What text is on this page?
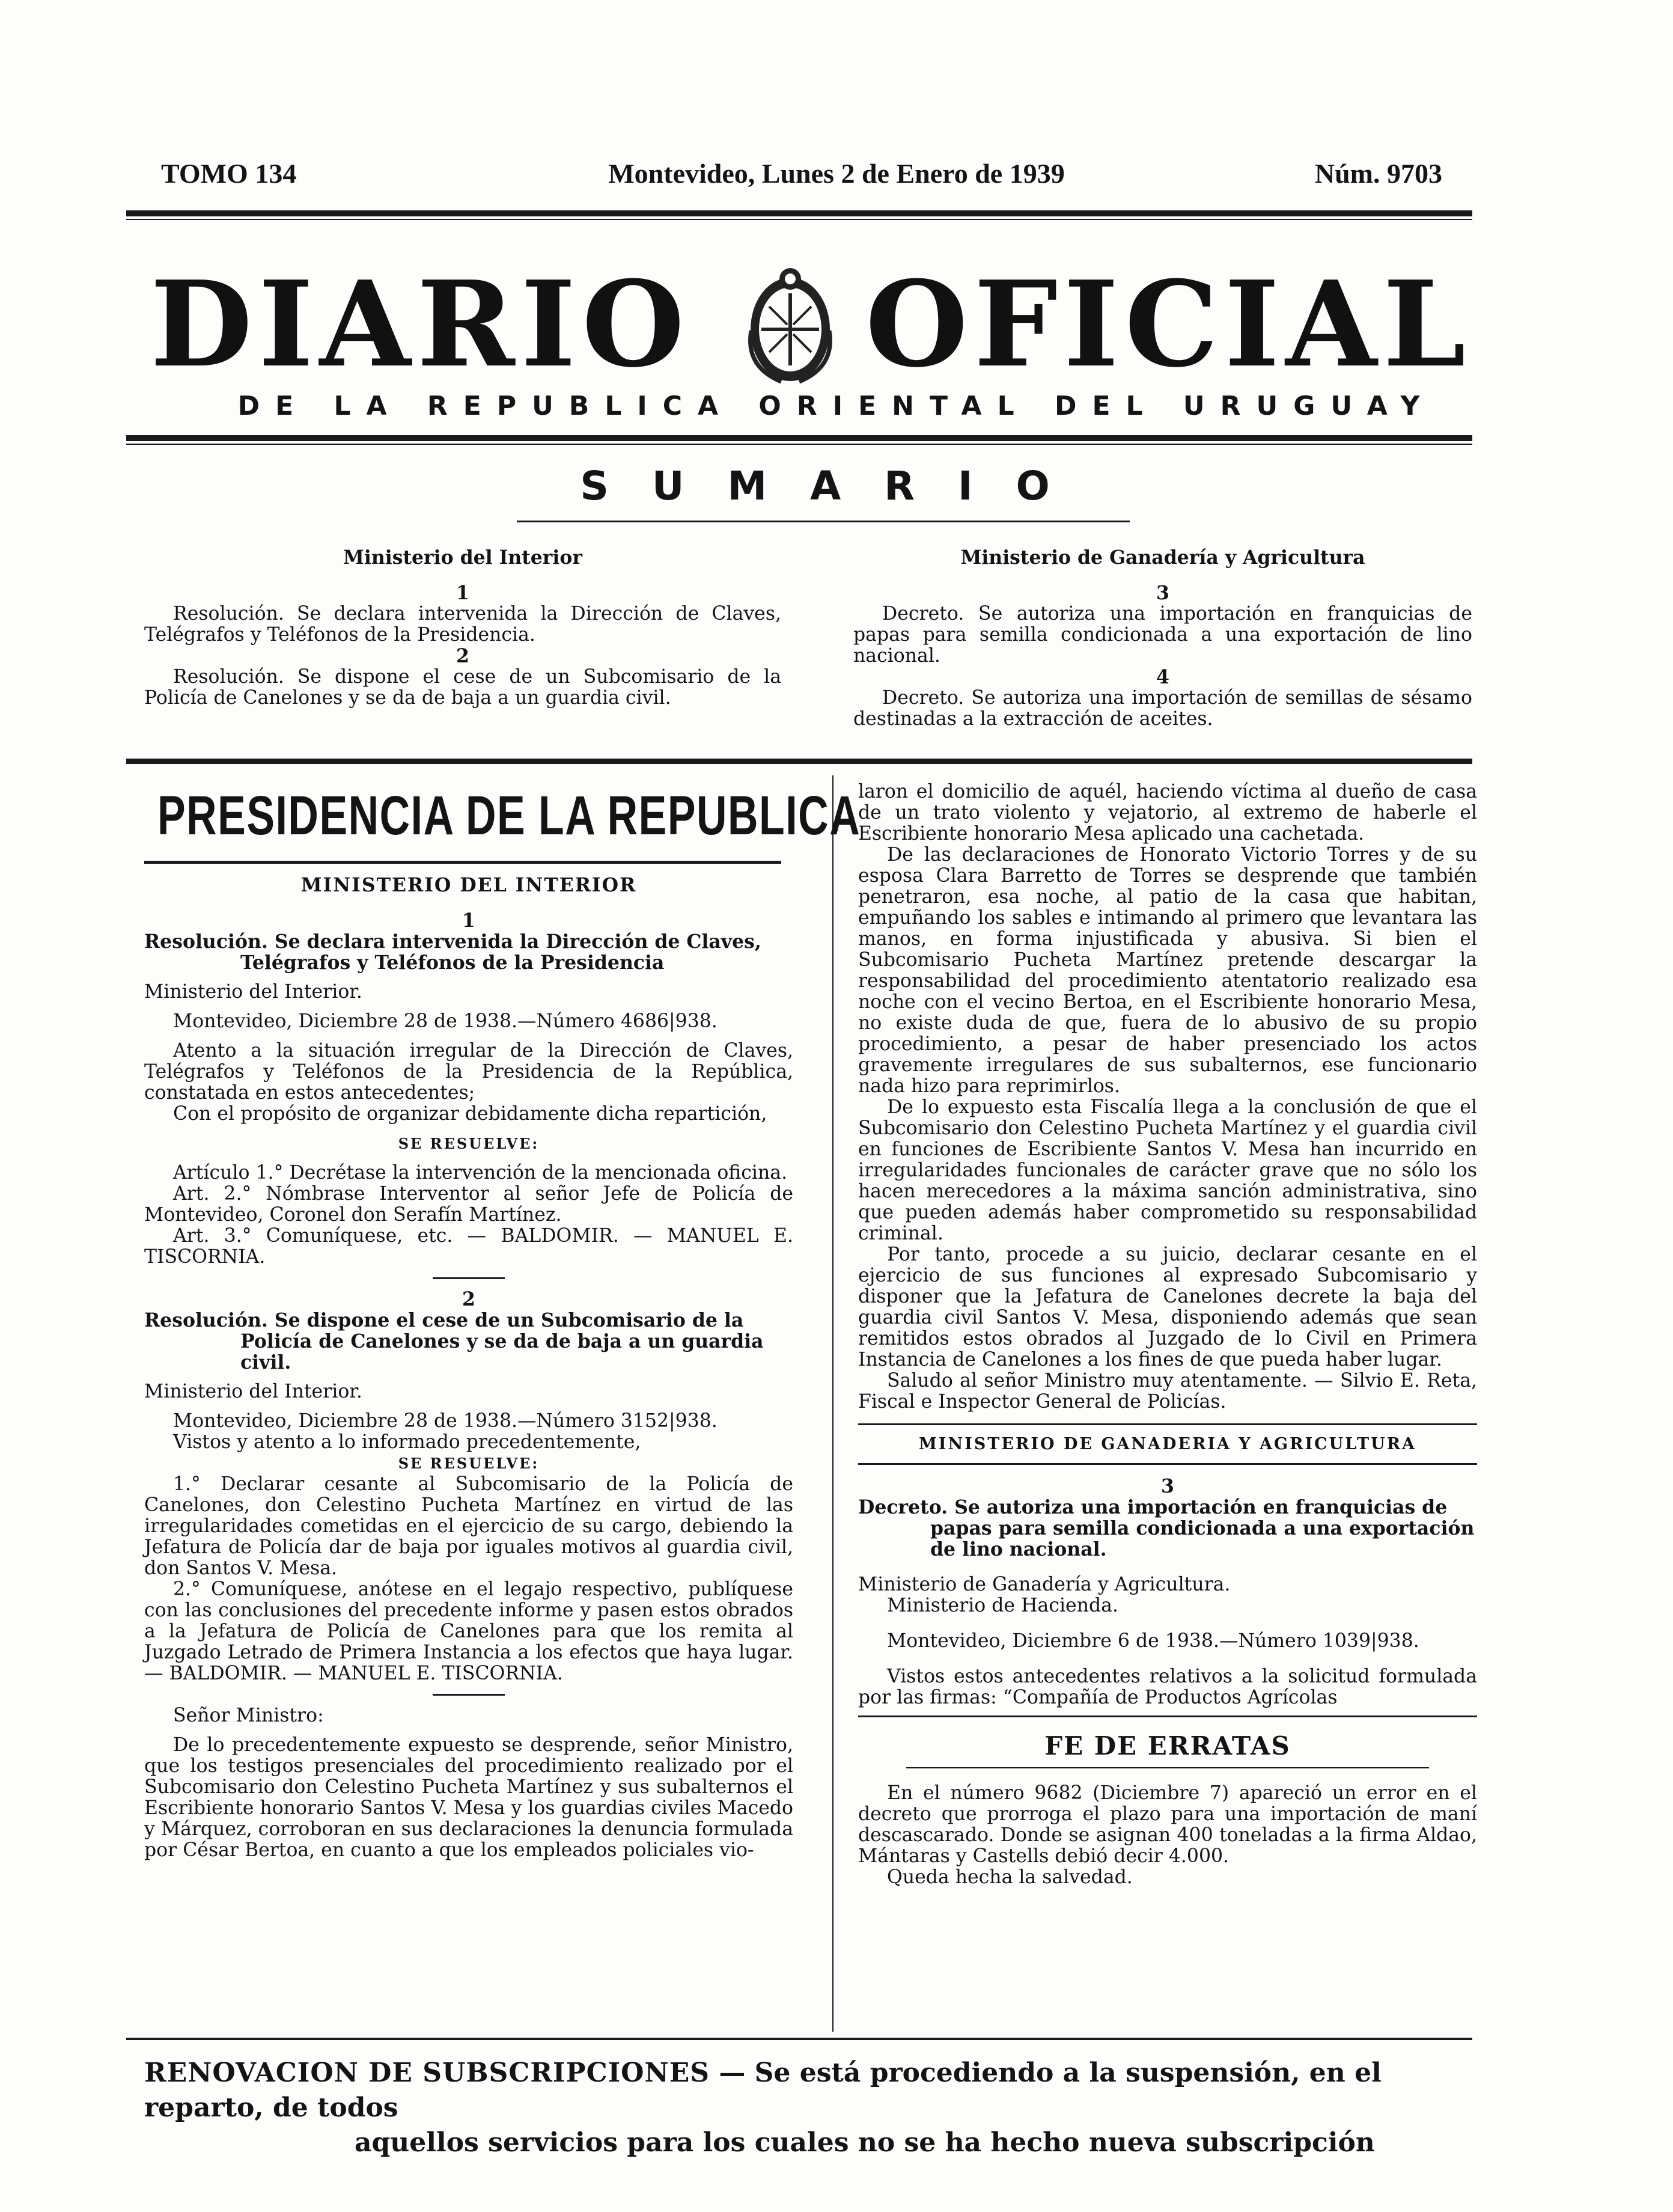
TOMO 134	Montevideo, Lunes 2 de Enero de 1939	Núm. 9703
DIARIO OFICIAL
DE LA REPUBLICA ORIENTAL DEL URUGUAY
SUMARIO

Ministerio del Interior

1

Resolución. Se declara intervenida la Dirección de Claves, Telégrafos y Teléfonos de la Presidencia.

2

Resolución. Se dispone el cese de un Subcomisario de la Policía de Canelones y se da de baja a un guardia civil.

Ministerio de Ganadería y Agricultura

3

Decreto. Se autoriza una importación en franquicias de papas para semilla condicionada a una exportación de lino nacional.

4

Decreto. Se autoriza una importación de semillas de sésamo destinadas a la extracción de aceites.

PRESIDENCIA DE LA REPUBLICA

MINISTERIO DEL INTERIOR

1

Resolución. Se declara intervenida la Dirección de Claves, Telégrafos y Teléfonos de la Presidencia

Ministerio del Interior.

Montevideo, Diciembre 28 de 1938.—Número 4686|938.

Atento a la situación irregular de la Dirección de Claves, Telégrafos y Teléfonos de la Presidencia de la República, constatada en estos antecedentes;

Con el propósito de organizar debidamente dicha repartición,

SE RESUELVE:

Artículo 1.° Decrétase la intervención de la mencionada oficina.

Art. 2.° Nómbrase Interventor al señor Jefe de Policía de Montevideo, Coronel don Serafín Martínez.

Art. 3.° Comuníquese, etc. — BALDOMIR. — MANUEL E. TISCORNIA.

2

Resolución. Se dispone el cese de un Subcomisario de la Policía de Canelones y se da de baja a un guardia civil.

Ministerio del Interior.

Montevideo, Diciembre 28 de 1938.—Número 3152|938.

Vistos y atento a lo informado precedentemente,

SE RESUELVE:

1.° Declarar cesante al Subcomisario de la Policía de Canelones, don Celestino Pucheta Martínez en virtud de las irregularidades cometidas en el ejercicio de su cargo, debiendo la Jefatura de Policía dar de baja por iguales motivos al guardia civil, don Santos V. Mesa.

2.° Comuníquese, anótese en el legajo respectivo, publíquese con las conclusiones del precedente informe y pasen estos obrados a la Jefatura de Policía de Canelones para que los remita al Juzgado Letrado de Primera Instancia a los efectos que haya lugar. — BALDOMIR. — MANUEL E. TISCORNIA.

Señor Ministro:

De lo precedentemente expuesto se desprende, señor Ministro, que los testigos presenciales del procedimiento realizado por el Subcomisario don Celestino Pucheta Martínez y sus subalternos el Escribiente honorario Santos V. Mesa y los guardias civiles Macedo y Márquez, corroboran en sus declaraciones la denuncia formulada por César Bertoa, en cuanto a que los empleados policiales vio-

laron el domicilio de aquél, haciendo víctima al dueño de casa de un trato violento y vejatorio, al extremo de haberle el Escribiente honorario Mesa aplicado una cachetada.

De las declaraciones de Honorato Victorio Torres y de su esposa Clara Barretto de Torres se desprende que también penetraron, esa noche, al patio de la casa que habitan, empuñando los sables e intimando al primero que levantara las manos, en forma injustificada y abusiva. Si bien el Subcomisario Pucheta Martínez pretende descargar la responsabilidad del procedimiento atentatorio realizado esa noche con el vecino Bertoa, en el Escribiente honorario Mesa, no existe duda de que, fuera de lo abusivo de su propio procedimiento, a pesar de haber presenciado los actos gravemente irregulares de sus subalternos, ese funcionario nada hizo para reprimirlos.

De lo expuesto esta Fiscalía llega a la conclusión de que el Subcomisario don Celestino Pucheta Martínez y el guardia civil en funciones de Escribiente Santos V. Mesa han incurrido en irregularidades funcionales de carácter grave que no sólo los hacen merecedores a la máxima sanción administrativa, sino que pueden además haber comprometido su responsabilidad criminal.

Por tanto, procede a su juicio, declarar cesante en el ejercicio de sus funciones al expresado Subcomisario y disponer que la Jefatura de Canelones decrete la baja del guardia civil Santos V. Mesa, disponiendo además que sean remitidos estos obrados al Juzgado de lo Civil en Primera Instancia de Canelones a los fines de que pueda haber lugar.

Saludo al señor Ministro muy atentamente. — Silvio E. Reta, Fiscal e Inspector General de Policías.

MINISTERIO DE GANADERIA Y AGRICULTURA

3

Decreto. Se autoriza una importación en franquicias de papas para semilla condicionada a una exportación de lino nacional.

Ministerio de Ganadería y Agricultura.

Ministerio de Hacienda.

Montevideo, Diciembre 6 de 1938.—Número 1039|938.

Vistos estos antecedentes relativos a la solicitud formulada por las firmas: “Compañía de Productos Agrícolas

FE DE ERRATAS

En el número 9682 (Diciembre 7) apareció un error en el decreto que prorroga el plazo para una importación de maní descascarado. Donde se asignan 400 toneladas a la firma Aldao, Mántaras y Castells debió decir 4.000.

Queda hecha la salvedad.

RENOVACION DE SUBSCRIPCIONES — Se está procediendo a la suspensión, en el reparto, de todos
aquellos servicios para los cuales no se ha hecho nueva subscripción
